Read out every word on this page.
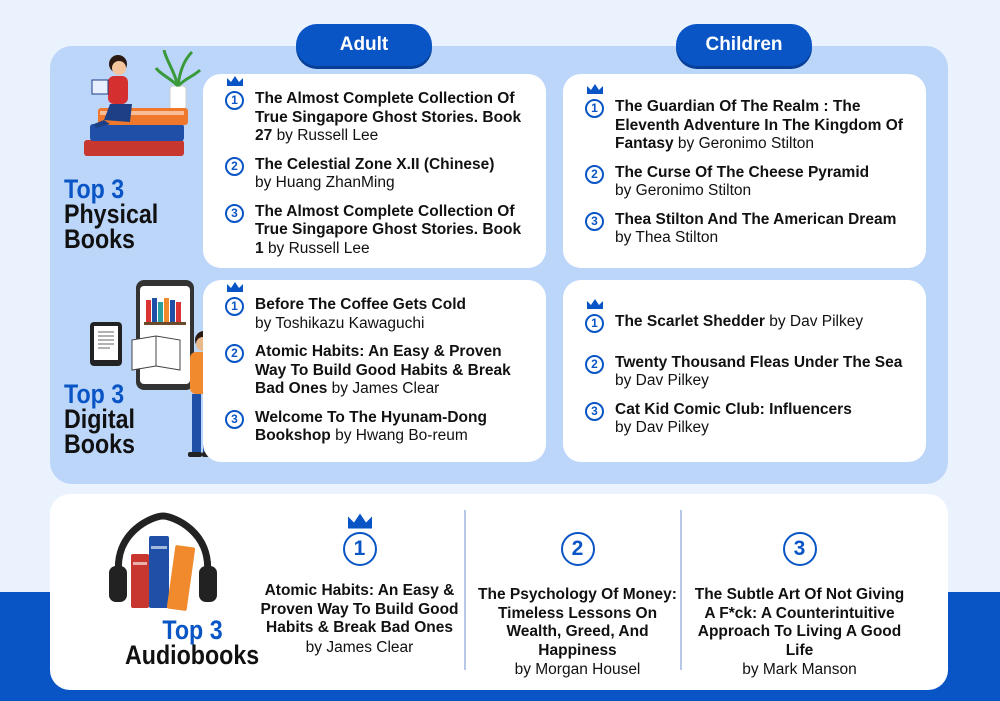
Adult	Children
Top 3
Physical
Books
Top 3
Digital
Books
1	The Almost Complete Collection Of True Singapore Ghost Stories. Book 27 by Russell Lee
2	The Celestial Zone X.II (Chinese)
by Huang ZhanMing
3	The Almost Complete Collection Of True Singapore Ghost Stories. Book 1 by Russell Lee
1	The Guardian Of The Realm : The Eleventh Adventure In The Kingdom Of Fantasy by Geronimo Stilton
2	The Curse Of The Cheese Pyramid
by Geronimo Stilton
3	Thea Stilton And The American Dream by Thea Stilton
1	Before The Coffee Gets Cold
by Toshikazu Kawaguchi
2	Atomic Habits: An Easy & Proven Way To Build Good Habits & Break Bad Ones by James Clear
3	Welcome To The Hyunam-Dong Bookshop by Hwang Bo-reum
1	The Scarlet Shedder by Dav Pilkey
2	Twenty Thousand Fleas Under The Sea by Dav Pilkey
3	Cat Kid Comic Club: Influencers
by Dav Pilkey
Top 3
Audiobooks
1
Atomic Habits: An Easy & Proven Way To Build Good Habits & Break Bad Ones
by James Clear
2
The Psychology Of Money: Timeless Lessons On Wealth, Greed, And Happiness
by Morgan Housel
3
The Subtle Art Of Not Giving A F*ck: A Counterintuitive Approach To Living A Good Life
by Mark Manson
